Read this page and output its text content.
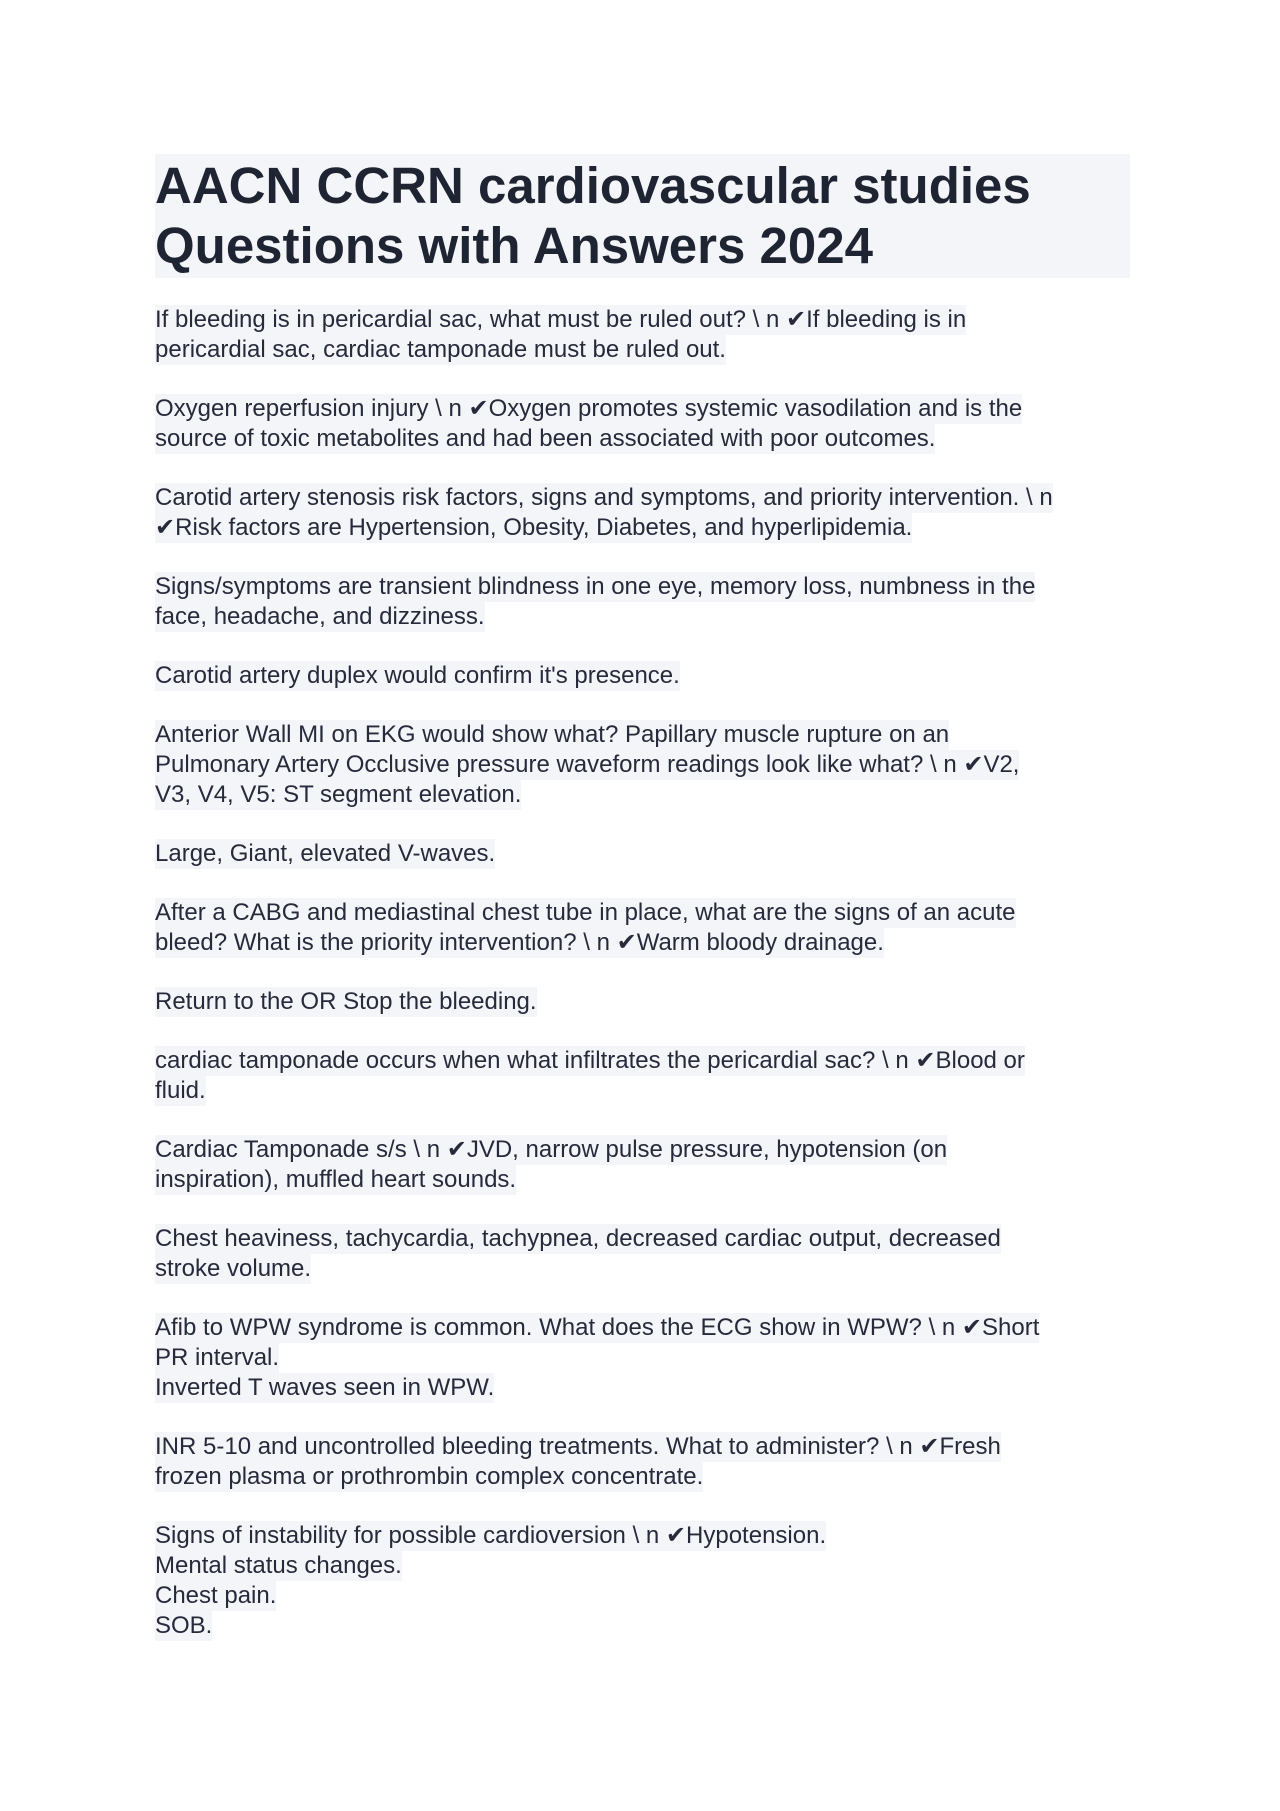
AACN CCRN cardiovascular studies Questions with Answers 2024
If bleeding is in pericardial sac, what must be ruled out? \ n ✔If bleeding is in
pericardial sac, cardiac tamponade must be ruled out.
Oxygen reperfusion injury \ n ✔Oxygen promotes systemic vasodilation and is the
source of toxic metabolites and had been associated with poor outcomes.
Carotid artery stenosis risk factors, signs and symptoms, and priority intervention. \ n
✔Risk factors are Hypertension, Obesity, Diabetes, and hyperlipidemia.
Signs/symptoms are transient blindness in one eye, memory loss, numbness in the
face, headache, and dizziness.
Carotid artery duplex would confirm it's presence.
Anterior Wall MI on EKG would show what? Papillary muscle rupture on an
Pulmonary Artery Occlusive pressure waveform readings look like what? \ n ✔V2,
V3, V4, V5: ST segment elevation.
Large, Giant, elevated V-waves.
After a CABG and mediastinal chest tube in place, what are the signs of an acute
bleed? What is the priority intervention? \ n ✔Warm bloody drainage.
Return to the OR Stop the bleeding.
cardiac tamponade occurs when what infiltrates the pericardial sac? \ n ✔Blood or
fluid.
Cardiac Tamponade s/s \ n ✔JVD, narrow pulse pressure, hypotension (on
inspiration), muffled heart sounds.
Chest heaviness, tachycardia, tachypnea, decreased cardiac output, decreased
stroke volume.
Afib to WPW syndrome is common. What does the ECG show in WPW? \ n ✔Short
PR interval.
Inverted T waves seen in WPW.
INR 5-10 and uncontrolled bleeding treatments. What to administer? \ n ✔Fresh
frozen plasma or prothrombin complex concentrate.
Signs of instability for possible cardioversion \ n ✔Hypotension.
Mental status changes.
Chest pain.
SOB.
